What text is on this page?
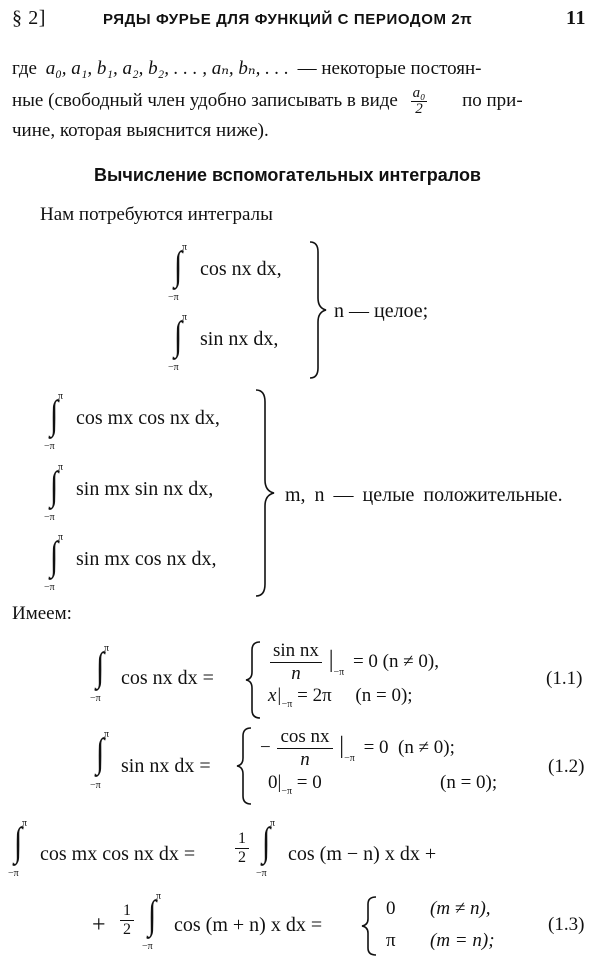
§ 2]	РЯДЫ ФУРЬЕ ДЛЯ ФУНКЦИЙ С ПЕРИОДОМ 2π	11
где a₀, a₁, b₁, a₂, b₂, . . . , aₙ, bₙ, . . . — некоторые постоян-
ные (свободный член удобно записывать в виде $\frac{\text{a₀}}{2}$ по при-
чине, которая выяснится ниже).
Вычисление вспомогательных интегралов
Нам потребуются интегралы
π
∫
−π
cos nx dx,
π
∫
−π
sin nx dx,
n — целое;
π
∫
−π
cos mx cos nx dx,
π
∫
−π
sin mx sin nx dx,
π
∫
−π
sin mx cos nx dx,
m, n — целые положительные.
Имеем:
π
∫
−π
cos nx dx =	$\frac{\text{sin nx}}{n} |_{-\pi} = 0$ (n ≠ 0),
$x|_{-\pi} = 2\pi$     (n = 0);
(1.1)
π
∫
−π
sin nx dx =
− $\frac{\text{cos nx}}{n} |_{-\pi} = 0$  (n ≠ 0);
$0|_{-\pi} = 0$	(n = 0);
(1.2)
π
∫
−π
cos mx cos nx dx = $\frac{1}{2}$
π
∫
−π
cos (m − n) x dx +
+ $\frac{1}{2}$
π
∫
−π
cos (m + n) x dx =
0 (m ≠ n),
π (m = n);
(1.3)
